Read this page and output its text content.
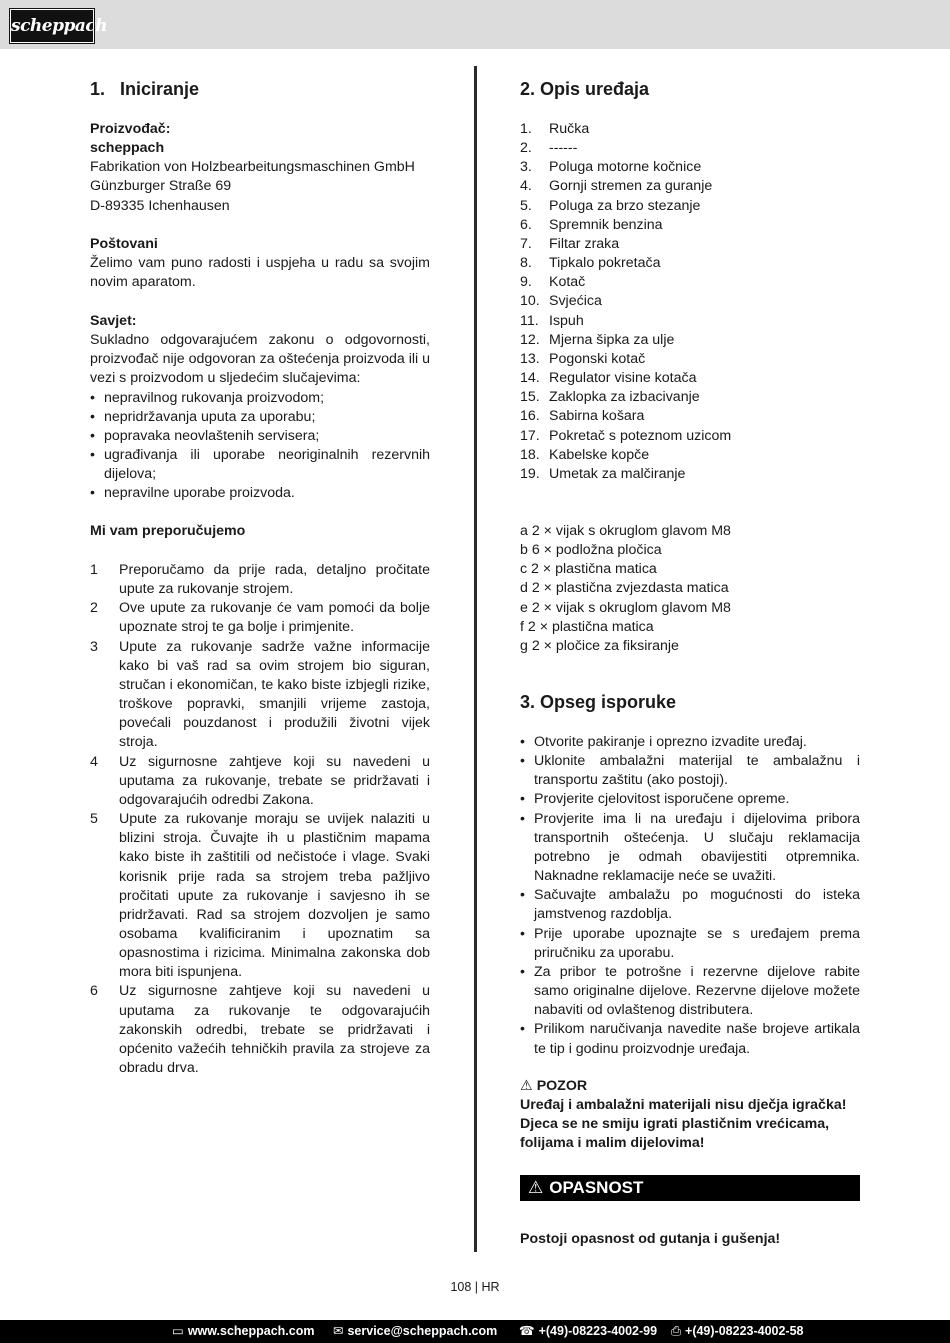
scheppach
1.   Iniciranje
Proizvođač:
scheppach
Fabrikation von Holzbearbeitungsmaschinen GmbH
Günzburger Straße 69
D-89335 Ichenhausen
Poštovani
Želimo vam puno radosti i uspjeha u radu sa svojim novim aparatom.
Savjet:
Sukladno odgovarajućem zakonu o odgovornosti, proizvođač nije odgovoran za oštećenja proizvoda ili u vezi s proizvodom u sljedećim slučajevima:
• nepravilnog rukovanja proizvodom;
• nepridržavanja uputa za uporabu;
• popravaka neovlaštenih servisera;
• ugrađivanja ili uporabe neoriginalnih rezervnih dijelova;
• nepravilne uporabe proizvoda.
Mi vam preporučujemo
1	Preporučamo da prije rada, detaljno pročitate upute za rukovanje strojem.
2	Ove upute za rukovanje će vam pomoći da bolje upoznate stroj te ga bolje i primjenite.
3	Upute za rukovanje sadrže važne informacije kako bi vaš rad sa ovim strojem bio siguran, stručan i ekonomičan, te kako biste izbjegli rizike, troškove popravki, smanjili vrijeme zastoja, povećali pouzdanost i produžili životni vijek stroja.
4	Uz sigurnosne zahtjeve koji su navedeni u uputama za rukovanje, trebate se pridržavati i odgovarajućih odredbi Zakona.
5	Upute za rukovanje moraju se uvijek nalaziti u blizini stroja. Čuvajte ih u plastičnim mapama kako biste ih zaštitili od nečistoće i vlage. Svaki korisnik prije rada sa strojem treba pažljivo pročitati upute za rukovanje i savjesno ih se pridržavati. Rad sa strojem dozvoljen je samo osobama kvalificiranim i upoznatim sa opasnostima i rizicima. Minimalna zakonska dob mora biti ispunjena.
6	Uz sigurnosne zahtjeve koji su navedeni u uputama za rukovanje te odgovarajućih zakonskih odredbi, trebate se pridržavati i općenito važećih tehničkih pravila za strojeve za obradu drva.
2. Opis uređaja
1.	Ručka
2.	------
3.	Poluga motorne kočnice
4.	Gornji stremen za guranje
5.	Poluga za brzo stezanje
6.	Spremnik benzina
7.	Filtar zraka
8.	Tipkalo pokretača
9.	Kotač
10. Svjećica
11. Ispuh
12. Mjerna šipka za ulje
13. Pogonski kotač
14. Regulator visine kotača
15. Zaklopka za izbacivanje
16. Sabirna košara
17. Pokretač s poteznom uzicom
18. Kabelske kopče
19. Umetak za malčiranje
a 2 × vijak s okruglom glavom M8
b 6 × podložna pločica
c 2 × plastična matica
d 2 × plastična zvjezdasta matica
e 2 × vijak s okruglom glavom M8
f 2 × plastična matica
g 2 × pločice za fiksiranje
3. Opseg isporuke
• Otvorite pakiranje i oprezno izvadite uređaj.
• Uklonite ambalažni materijal te ambalažnu i transportu zaštitu (ako postoji).
• Provjerite cjelovitost isporučene opreme.
• Provjerite ima li na uređaju i dijelovima pribora transportnih oštećenja. U slučaju reklamacija potrebno je odmah obavijestiti otpremnika. Naknadne reklamacije neće se uvažiti.
• Sačuvajte ambalažu po mogućnosti do isteka jamstvenog razdoblja.
• Prije uporabe upoznajte se s uređajem prema priručniku za uporabu.
• Za pribor te potrošne i rezervne dijelove rabite samo originalne dijelove. Rezervne dijelove možete nabaviti od ovlaštenog distributera.
• Prilikom naručivanja navedite naše brojeve artikala te tip i godinu proizvodnje uređaja.
⚠ POZOR
Uređaj i ambalažni materijali nisu dječja igračka! Djeca se ne smiju igrati plastičnim vrećicama, folijama i malim dijelovima!
Postoji opasnost od gutanja i gušenja!
⚠ OPASNOST
108 | HR
▭ www.scheppach.com ✉ service@scheppach.com ☎ +(49)-08223-4002-99 ⎙ +(49)-08223-4002-58
